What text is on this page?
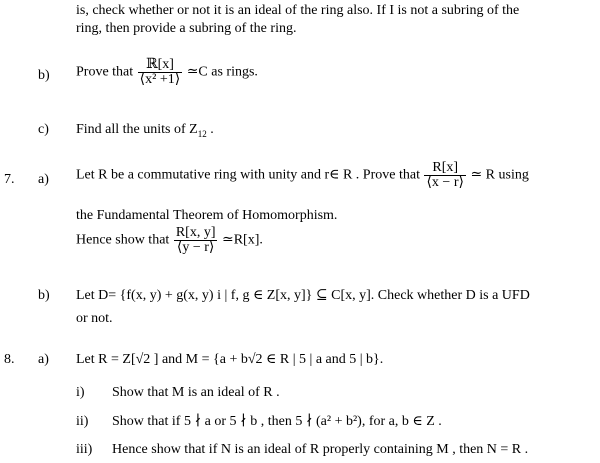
is, check whether or not it is an ideal of the ring also. If I is not a subring of the
ring, then provide a subring of the ring.
b) Prove that $\frac{\text{ℝ[x]}}{\text{⟨x² +1⟩}}$ ≃C as rings.
c) Find all the units of $Z_{12}$ .
7. a) Let R be a commutative ring with unity and r∈ R . Prove that $\frac{R[x]}{⟨x - r⟩}$ ≃ R using
the Fundamental Theorem of Homomorphism.
Hence show that $\frac{R[x, y]}{⟨y - r⟩}$ ≃R[x].
b) Let D= {f(x, y) + g(x, y) i | f, g ∈ Z[x, y]} ⊆ C[x, y]. Check whether D is a UFD
or not.
8. a) Let R = Z[√2 ] and M = {a + b√2 ∈ R | 5 | a and 5 | b}.
i) Show that M is an ideal of R .
ii) Show that if 5 ∤ a or 5 ∤ b , then 5 ∤ (a² + b²), for a, b ∈ Z .
iii) Hence show that if N is an ideal of R properly containing M , then N = R .
